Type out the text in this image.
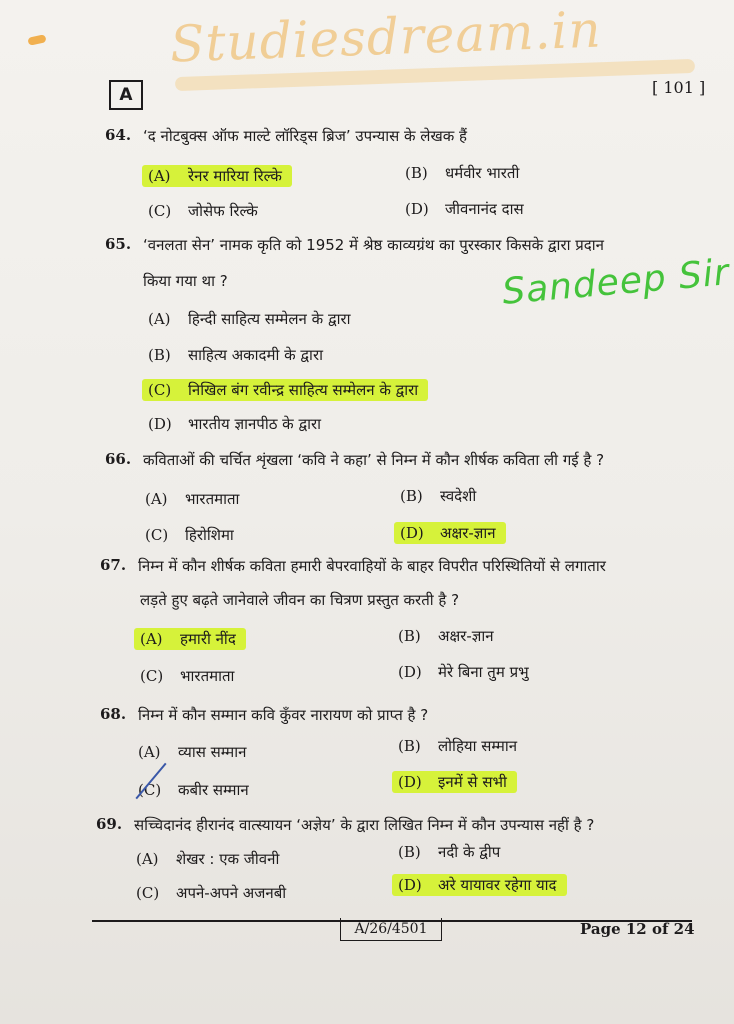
Studiesdream.in
A	[ 101 ]
Sandeep Sir
64. ‘द नोटबुक्स ऑफ माल्टे लॉरिड्स ब्रिज’ उपन्यास के लेखक हैं
(A)	रेनर मारिया रिल्के	(B)	धर्मवीर भारती
(C)	जोसेफ रिल्के	(D)	जीवनानंद दास
65. ‘वनलता सेन’ नामक कृति को 1952 में श्रेष्ठ काव्यग्रंथ का पुरस्कार किसके द्वारा प्रदान
किया गया था ?
(A)	हिन्दी साहित्य सम्मेलन के द्वारा
(B)	साहित्य अकादमी के द्वारा
(C)	निखिल बंग रवीन्द्र साहित्य सम्मेलन के द्वारा
(D)	भारतीय ज्ञानपीठ के द्वारा
66. कविताओं की चर्चित शृंखला ‘कवि ने कहा’ से निम्न में कौन शीर्षक कविता ली गई है ?
(A)	भारतमाता	(B)	स्वदेशी
(C)	हिरोशिमा	(D)	अक्षर-ज्ञान
67. निम्न में कौन शीर्षक कविता हमारी बेपरवाहियों के बाहर विपरीत परिस्थितियों से लगातार
लड़ते हुए बढ़ते जानेवाले जीवन का चित्रण प्रस्तुत करती है ?
(A)	हमारी नींद	(B)	अक्षर-ज्ञान
(C)	भारतमाता	(D)	मेरे बिना तुम प्रभु
68. निम्न में कौन सम्मान कवि कुँवर नारायण को प्राप्त है ?
(A)	व्यास सम्मान	(B)	लोहिया सम्मान
(C)	कबीर सम्मान	(D)	इनमें से सभी
69. सच्चिदानंद हीरानंद वात्स्यायन ‘अज्ञेय’ के द्वारा लिखित निम्न में कौन उपन्यास नहीं है ?
(A)	शेखर : एक जीवनी	(B)	नदी के द्वीप
(C)	अपने-अपने अजनबी	(D)	अरे यायावर रहेगा याद
A/26/4501	Page 12 of 24
